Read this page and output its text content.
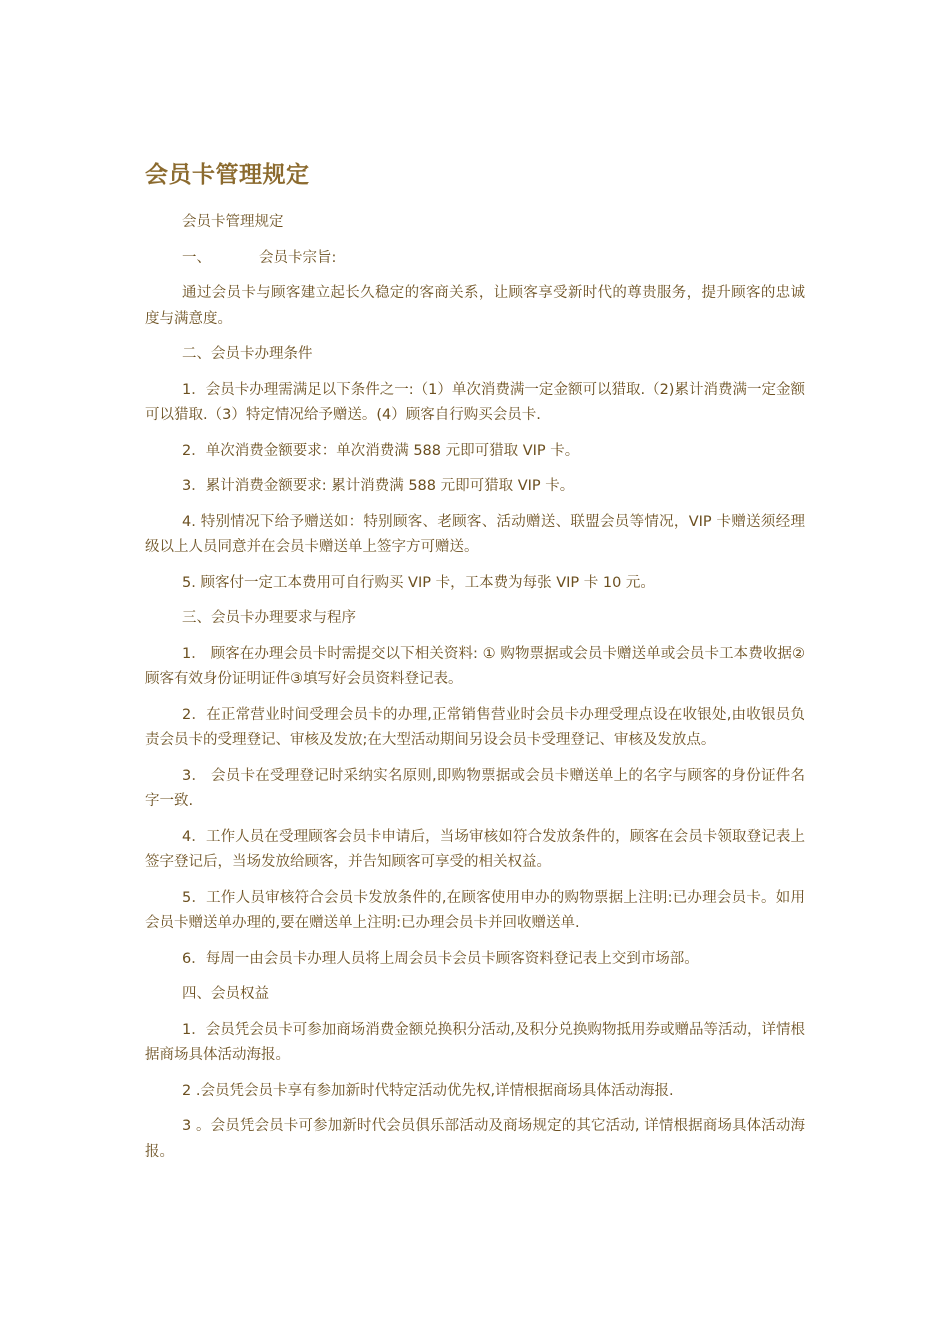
会员卡管理规定

会员卡管理规定

一、	会员卡宗旨:

通过会员卡与顾客建立起长久稳定的客商关系，让顾客享受新时代的尊贵服务，提升顾客的忠诚度与满意度。

二、会员卡办理条件

1．会员卡办理需满足以下条件之一:（1）单次消费满一定金额可以猎取.（2)累计消费满一定金额可以猎取.（3）特定情况给予赠送。(4）顾客自行购买会员卡.

2．单次消费金额要求：单次消费满 588 元即可猎取 VIP 卡。

3．累计消费金额要求: 累计消费满 588 元即可猎取 VIP 卡。

4. 特别情况下给予赠送如：特别顾客、老顾客、活动赠送、联盟会员等情况，VIP 卡赠送须经理级以上人员同意并在会员卡赠送单上签字方可赠送。

5. 顾客付一定工本费用可自行购买 VIP 卡，工本费为每张 VIP 卡 10 元。

三、会员卡办理要求与程序

1． 顾客在办理会员卡时需提交以下相关资料: ① 购物票据或会员卡赠送单或会员卡工本费收据②顾客有效身份证明证件③填写好会员资料登记表。

2．在正常营业时间受理会员卡的办理,正常销售营业时会员卡办理受理点设在收银处,由收银员负责会员卡的受理登记、审核及发放;在大型活动期间另设会员卡受理登记、审核及发放点。

3． 会员卡在受理登记时采纳实名原则,即购物票据或会员卡赠送单上的名字与顾客的身份证件名字一致.

4．工作人员在受理顾客会员卡申请后，当场审核如符合发放条件的，顾客在会员卡领取登记表上签字登记后，当场发放给顾客，并告知顾客可享受的相关权益。

5．工作人员审核符合会员卡发放条件的,在顾客使用申办的购物票据上注明:已办理会员卡。如用会员卡赠送单办理的,要在赠送单上注明:已办理会员卡并回收赠送单.

6．每周一由会员卡办理人员将上周会员卡会员卡顾客资料登记表上交到市场部。

四、会员权益

1．会员凭会员卡可参加商场消费金额兑换积分活动,及积分兑换购物抵用券或赠品等活动，详情根据商场具体活动海报。

2 .会员凭会员卡享有参加新时代特定活动优先权,详情根据商场具体活动海报.

3 。会员凭会员卡可参加新时代会员俱乐部活动及商场规定的其它活动, 详情根据商场具体活动海报。
